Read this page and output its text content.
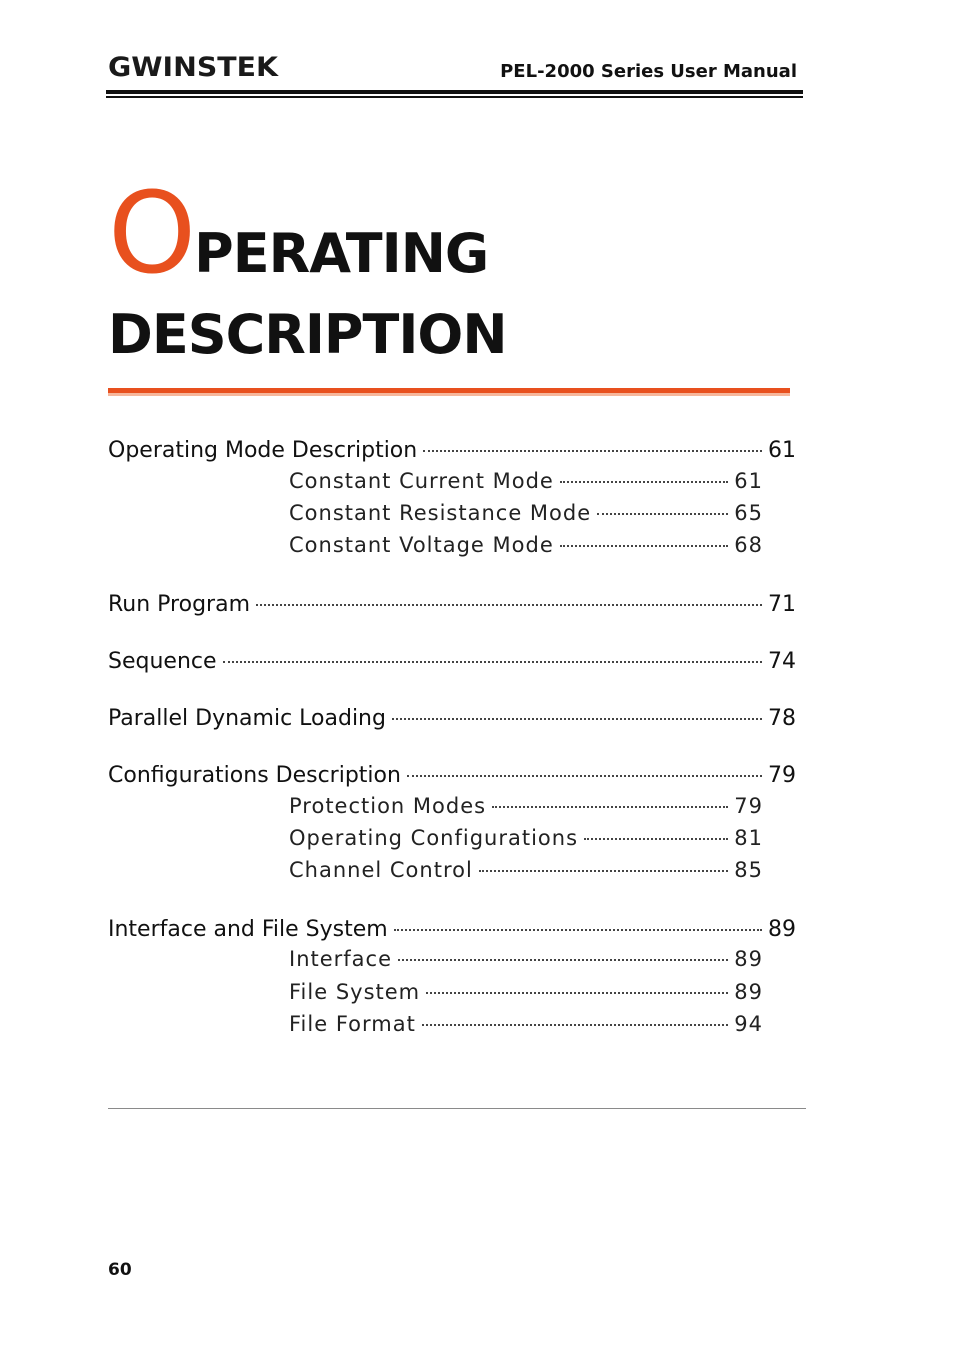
GWINSTEK	PEL-2000 Series User Manual
OPERATING
DESCRIPTION
Operating Mode Description	61
Constant Current Mode	61
Constant Resistance Mode	65
Constant Voltage Mode	68
Run Program	71
Sequence	74
Parallel Dynamic Loading	78
Configurations Description	79
Protection Modes	79
Operating Configurations	81
Channel Control	85
Interface and File System	89
Interface	89
File System	89
File Format	94
60
